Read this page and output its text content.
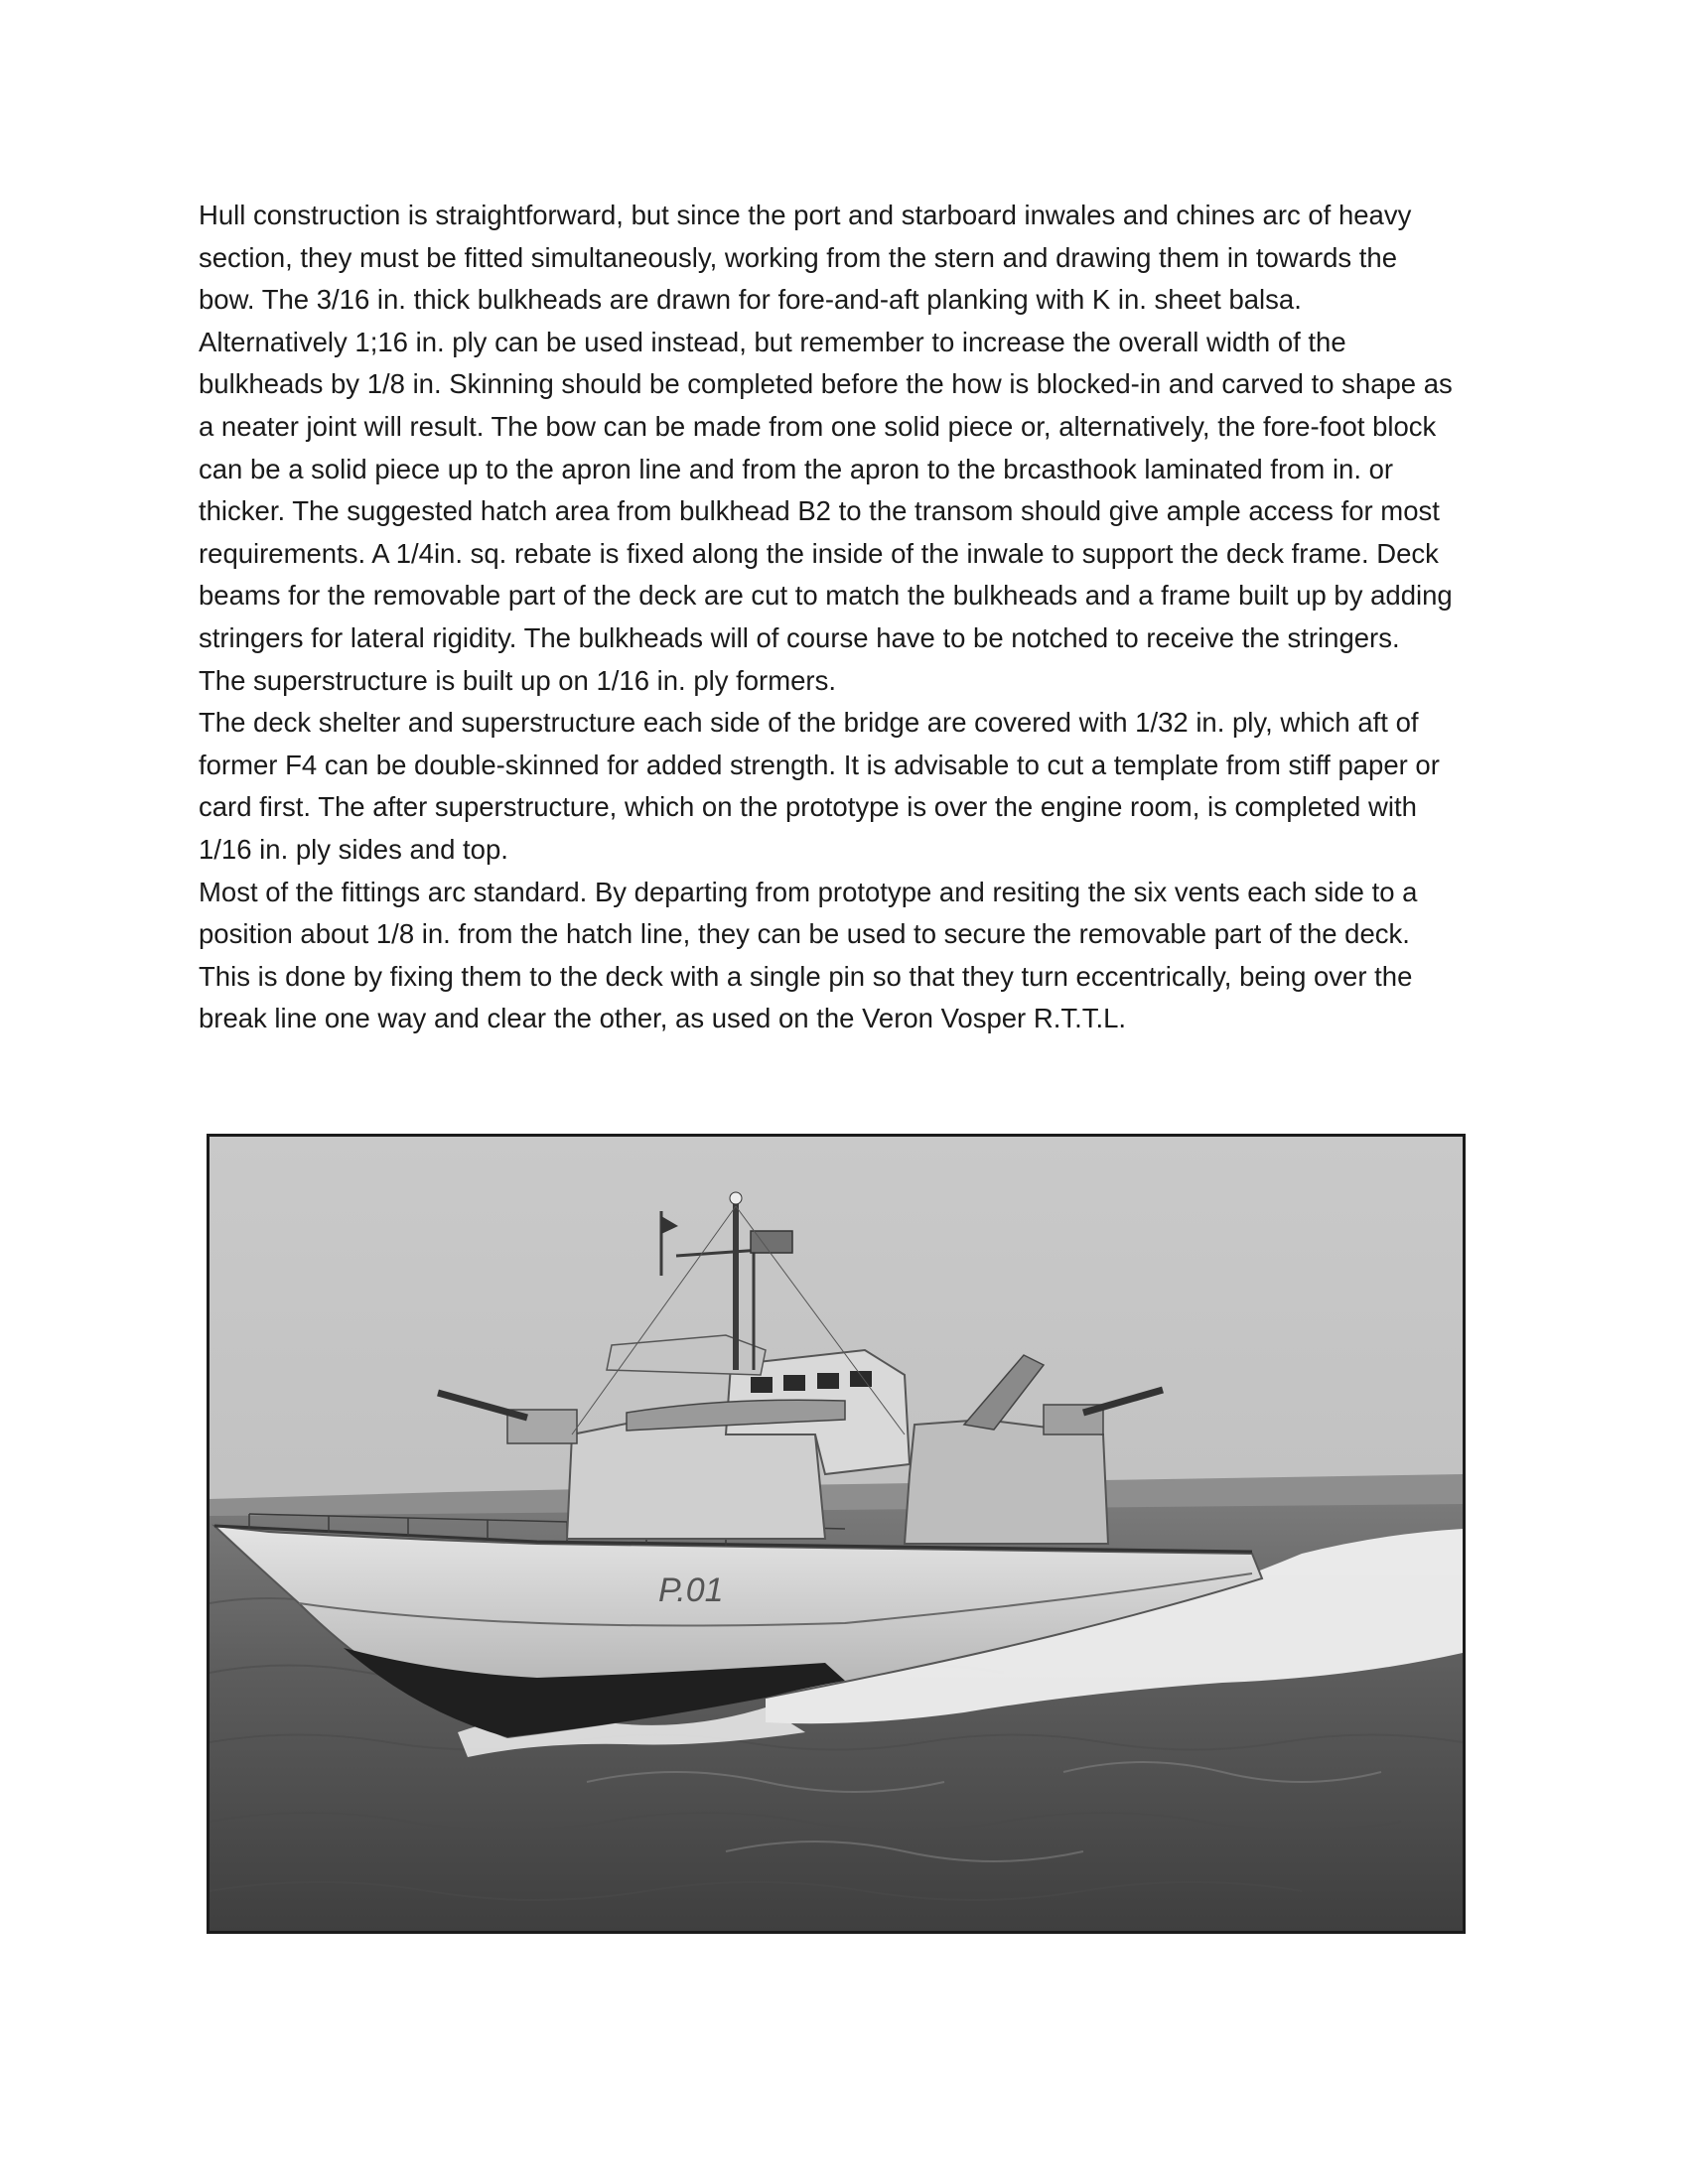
Hull construction is straightforward, but since the port and starboard inwales and chines arc of heavy

section, they must be fitted simultaneously, working from the stern and drawing them in towards the

bow. The 3/16 in. thick bulkheads are drawn for fore-and-aft planking with K in. sheet balsa.

Alternatively 1;16 in. ply can be used instead, but remember to increase the overall width of the

bulkheads by 1/8 in. Skinning should be completed before the how is blocked-in and carved to shape as

a neater joint will result. The bow can be made from one solid piece or, alternatively, the fore-foot block

can be a solid piece up to the apron line and from the apron to the brcasthook laminated from in. or

thicker. The suggested hatch area from bulkhead B2 to the transom should give ample access for most

requirements. A 1/4in. sq. rebate is fixed along the inside of the inwale to support the deck frame. Deck

beams for the removable part of the deck are cut to match the bulkheads and a frame built up by adding

stringers for lateral rigidity. The bulkheads will of course have to be notched to receive the stringers.

The superstructure is built up on 1/16 in. ply formers.

The deck shelter and superstructure each side of the bridge are covered with 1/32 in. ply, which aft of

former F4 can be double-skinned for added strength. It is advisable to cut a template from stiff paper or

card first. The after superstructure, which on the prototype is over the engine room, is completed with

1/16 in. ply sides and top.

Most of the fittings arc standard. By departing from prototype and resiting the six vents each side to a

position about 1/8 in. from the hatch line, they can be used to secure the removable part of the deck.

This is done by fixing them to the deck with a single pin so that they turn eccentrically, being over the

break line one way and clear the other, as used on the Veron Vosper R.T.T.L.

P.01
